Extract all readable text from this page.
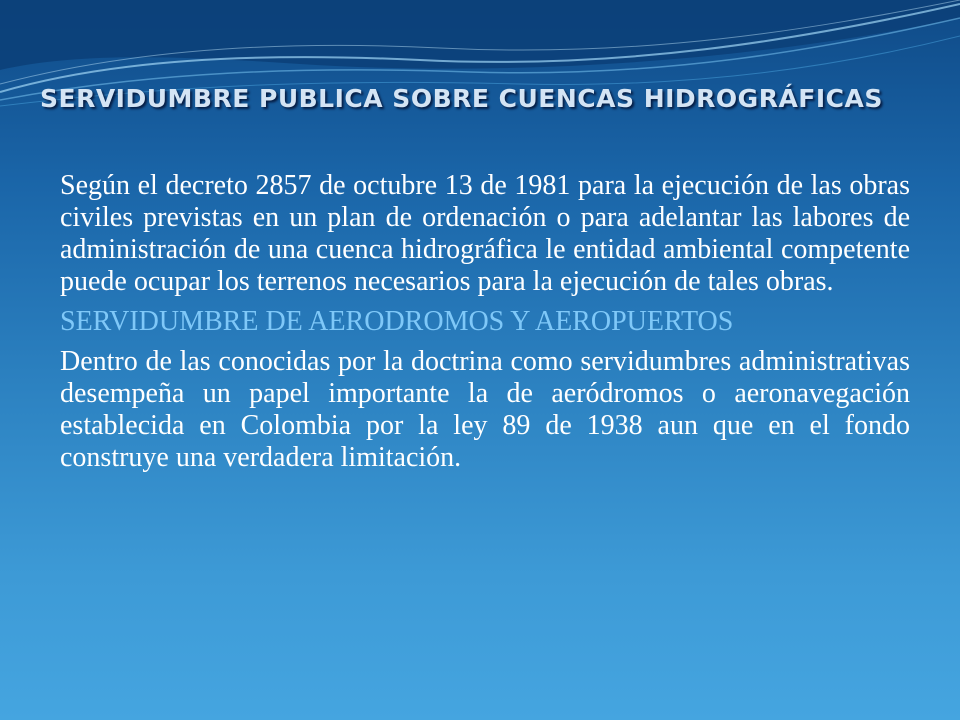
SERVIDUMBRE PUBLICA SOBRE CUENCAS HIDROGRÁFICAS

Según el decreto 2857 de octubre 13 de 1981 para la ejecución de las obras civiles previstas en un plan de ordenación o para adelantar las labores de administración de una cuenca hidrográfica le entidad ambiental competente puede ocupar los terrenos necesarios para la ejecución de tales obras.

SERVIDUMBRE DE AERODROMOS Y AEROPUERTOS

Dentro de las conocidas por la doctrina como servidumbres administrativas desempeña un papel importante la de aeródromos o aeronavegación establecida en Colombia por la ley 89 de 1938 aun que en el fondo construye una verdadera limitación.
